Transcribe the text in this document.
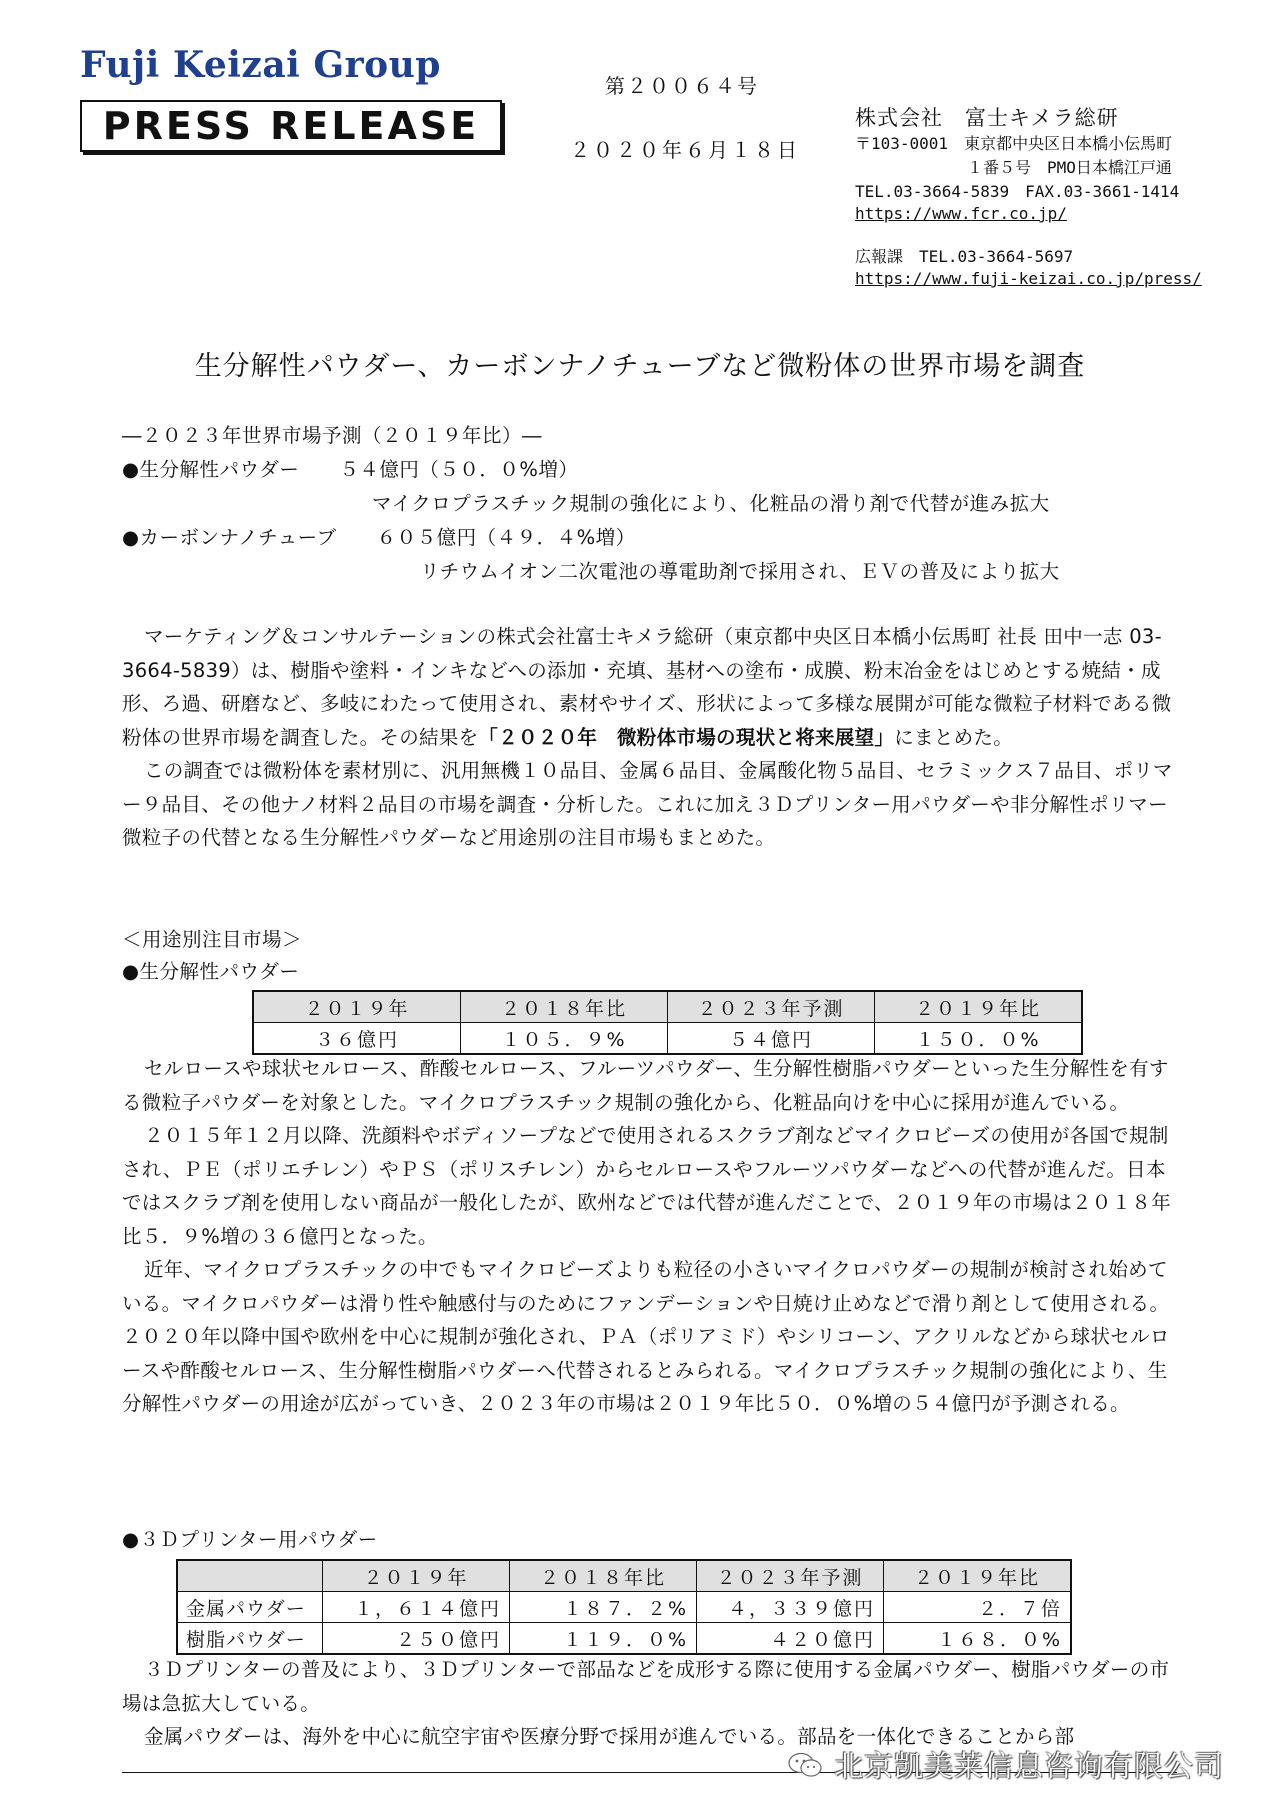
Fuji Keizai Group
PRESS RELEASE
第２００６４号
２０２０年６月１８日
株式会社　富士キメラ総研
〒103-0001　東京都中央区日本橋小伝馬町
　　　　　　　１番５号　PMO日本橋江戸通
TEL.03-3664-5839　FAX.03-3661-1414
https://www.fcr.co.jp/
広報課　TEL.03-3664-5697
https://www.fuji-keizai.co.jp/press/
生分解性パウダー、カーボンナノチューブなど微粉体の世界市場を調査
―２０２３年世界市場予測（２０１９年比）―
●生分解性パウダー　　５４億円（５０．０%増）
マイクロプラスチック規制の強化により、化粧品の滑り剤で代替が進み拡大
●カーボンナノチューブ　　６０５億円（４９．４%増）
リチウムイオン二次電池の導電助剤で採用され、ＥＶの普及により拡大

マーケティング＆コンサルテーションの株式会社富士キメラ総研（東京都中央区日本橋小伝馬町 社長 田中一志 03-3664-5839）は、樹脂や塗料・インキなどへの添加・充填、基材への塗布・成膜、粉末冶金をはじめとする焼結・成形、ろ過、研磨など、多岐にわたって使用され、素材やサイズ、形状によって多様な展開が可能な微粒子材料である微粉体の世界市場を調査した。その結果を「２０２０年　微粉体市場の現状と将来展望」にまとめた。

この調査では微粉体を素材別に、汎用無機１０品目、金属６品目、金属酸化物５品目、セラミックス７品目、ポリマー９品目、その他ナノ材料２品目の市場を調査・分析した。これに加え３Ｄプリンター用パウダーや非分解性ポリマー微粒子の代替となる生分解性パウダーなど用途別の注目市場もまとめた。

＜用途別注目市場＞
●生分解性パウダー
２０１９年	２０１８年比	２０２３年予測	２０１９年比
３６億円	１０５．９%	５４億円	１５０．０%

セルロースや球状セルロース、酢酸セルロース、フルーツパウダー、生分解性樹脂パウダーといった生分解性を有する微粒子パウダーを対象とした。マイクロプラスチック規制の強化から、化粧品向けを中心に採用が進んでいる。

２０１５年１２月以降、洗顔料やボディソープなどで使用されるスクラブ剤などマイクロビーズの使用が各国で規制され、ＰＥ（ポリエチレン）やＰＳ（ポリスチレン）からセルロースやフルーツパウダーなどへの代替が進んだ。日本ではスクラブ剤を使用しない商品が一般化したが、欧州などでは代替が進んだことで、２０１９年の市場は２０１８年比５．９%増の３６億円となった。

近年、マイクロプラスチックの中でもマイクロビーズよりも粒径の小さいマイクロパウダーの規制が検討され始めている。マイクロパウダーは滑り性や触感付与のためにファンデーションや日焼け止めなどで滑り剤として使用される。２０２０年以降中国や欧州を中心に規制が強化され、ＰＡ（ポリアミド）やシリコーン、アクリルなどから球状セルロースや酢酸セルロース、生分解性樹脂パウダーへ代替されるとみられる。マイクロプラスチック規制の強化により、生分解性パウダーの用途が広がっていき、２０２３年の市場は２０１９年比５０．０%増の５４億円が予測される。

●３Ｄプリンター用パウダー
	２０１９年	２０１８年比	２０２３年予測	２０１９年比
金属パウダー	１，６１４億円	１８７．２%	４，３３９億円	２．７倍
樹脂パウダー	２５０億円	１１９．０%	４２０億円	１６８．０%

３Ｄプリンターの普及により、３Ｄプリンターで部品などを成形する際に使用する金属パウダー、樹脂パウダーの市場は急拡大している。

金属パウダーは、海外を中心に航空宇宙や医療分野で採用が進んでいる。部品を一体化できることから部

北京凯美莱信息咨询有限公司
